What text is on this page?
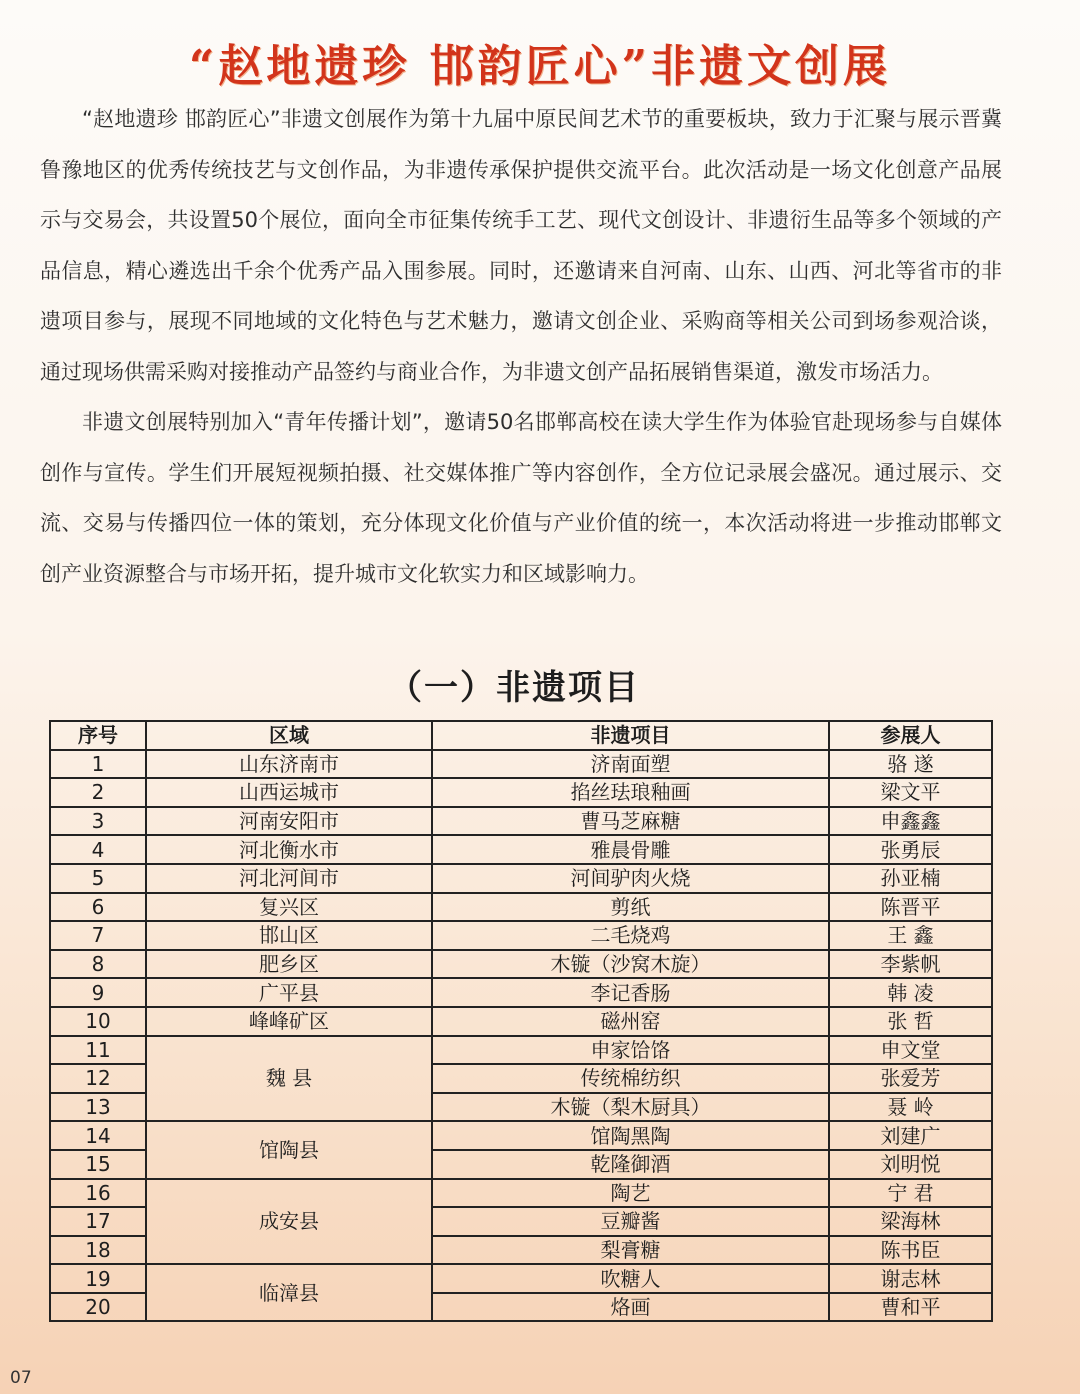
“赵地遗珍 邯韵匠心”非遗文创展

“赵地遗珍 邯韵匠心”非遗文创展作为第十九届中原民间艺术节的重要板块，致力于汇聚与展示晋冀鲁豫地区的优秀传统技艺与文创作品，为非遗传承保护提供交流平台。此次活动是一场文化创意产品展示与交易会，共设置50个展位，面向全市征集传统手工艺、现代文创设计、非遗衍生品等多个领域的产品信息，精心遴选出千余个优秀产品入围参展。同时，还邀请来自河南、山东、山西、河北等省市的非遗项目参与，展现不同地域的文化特色与艺术魅力，邀请文创企业、采购商等相关公司到场参观洽谈，通过现场供需采购对接推动产品签约与商业合作，为非遗文创产品拓展销售渠道，激发市场活力。

非遗文创展特别加入“青年传播计划”，邀请50名邯郸高校在读大学生作为体验官赴现场参与自媒体创作与宣传。学生们开展短视频拍摄、社交媒体推广等内容创作，全方位记录展会盛况。通过展示、交流、交易与传播四位一体的策划，充分体现文化价值与产业价值的统一，本次活动将进一步推动邯郸文创产业资源整合与市场开拓，提升城市文化软实力和区域影响力。

（一）非遗项目
序号	区域	非遗项目	参展人
1	山东济南市	济南面塑	骆 遂
2	山西运城市	掐丝珐琅釉画	梁文平
3	河南安阳市	曹马芝麻糖	申鑫鑫
4	河北衡水市	雅晨骨雕	张勇辰
5	河北河间市	河间驴肉火烧	孙亚楠
6	复兴区	剪纸	陈晋平
7	邯山区	二毛烧鸡	王 鑫
8	肥乡区	木镟（沙窝木旋）	李紫帆
9	广平县	李记香肠	韩 凌
10	峰峰矿区	磁州窑	张 哲
11	魏 县	申家饸饹	申文堂
12		传统棉纺织	张爱芳
13		木镟（梨木厨具）	聂 岭
14	馆陶县	馆陶黑陶	刘建广
15		乾隆御酒	刘明悦
16	成安县	陶艺	宁 君
17		豆瓣酱	梁海林
18		梨膏糖	陈书臣
19	临漳县	吹糖人	谢志林
20		烙画	曹和平
07
